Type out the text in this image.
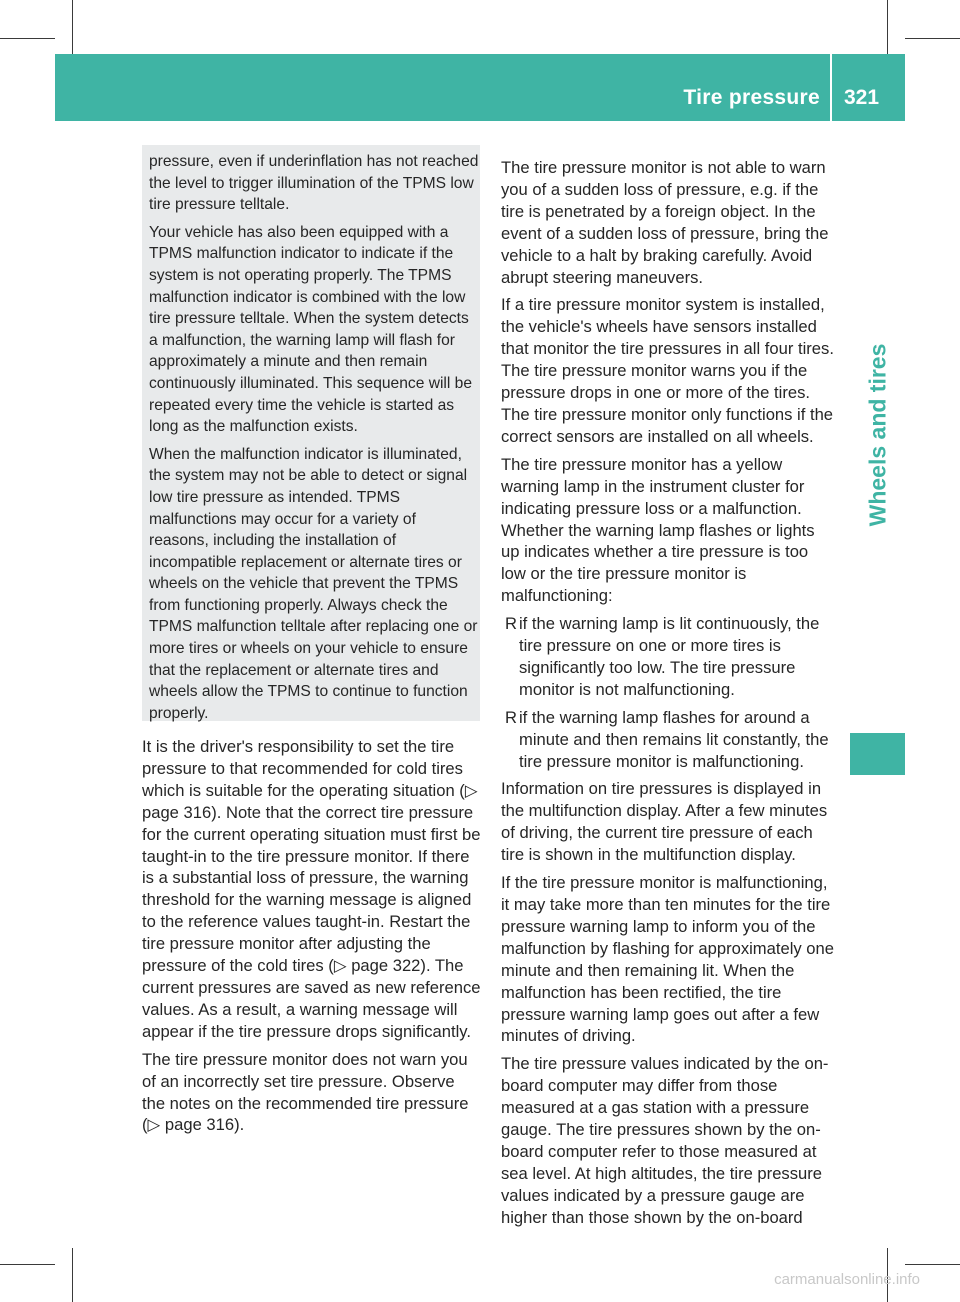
Tire pressure 321
Wheels and tires

pressure, even if underinflation has not reached the level to trigger illumination of the TPMS low tire pressure telltale.

Your vehicle has also been equipped with a TPMS malfunction indicator to indicate if the system is not operating properly. The TPMS malfunction indicator is combined with the low tire pressure telltale. When the system detects a malfunction, the warning lamp will flash for approximately a minute and then remain continuously illuminated. This sequence will be repeated every time the vehicle is started as long as the malfunction exists.

When the malfunction indicator is illuminated, the system may not be able to detect or signal low tire pressure as intended. TPMS malfunctions may occur for a variety of reasons, including the installation of incompatible replacement or alternate tires or wheels on the vehicle that prevent the TPMS from functioning properly. Always check the TPMS malfunction telltale after replacing one or more tires or wheels on your vehicle to ensure that the replacement or alternate tires and wheels allow the TPMS to continue to function properly.

It is the driver's responsibility to set the tire pressure to that recommended for cold tires which is suitable for the operating situation (▷ page 316). Note that the correct tire pressure for the current operating situation must first be taught-in to the tire pressure monitor. If there is a substantial loss of pressure, the warning threshold for the warning message is aligned to the reference values taught-in. Restart the tire pressure monitor after adjusting the pressure of the cold tires (▷ page 322). The current pressures are saved as new reference values. As a result, a warning message will appear if the tire pressure drops significantly.

The tire pressure monitor does not warn you of an incorrectly set tire pressure. Observe the notes on the recommended tire pressure (▷ page 316).

The tire pressure monitor is not able to warn you of a sudden loss of pressure, e.g. if the tire is penetrated by a foreign object. In the event of a sudden loss of pressure, bring the vehicle to a halt by braking carefully. Avoid abrupt steering maneuvers.

If a tire pressure monitor system is installed, the vehicle's wheels have sensors installed that monitor the tire pressures in all four tires. The tire pressure monitor warns you if the pressure drops in one or more of the tires. The tire pressure monitor only functions if the correct sensors are installed on all wheels.

The tire pressure monitor has a yellow warning lamp in the instrument cluster for indicating pressure loss or a malfunction. Whether the warning lamp flashes or lights up indicates whether a tire pressure is too low or the tire pressure monitor is malfunctioning:

R if the warning lamp is lit continuously, the tire pressure on one or more tires is significantly too low. The tire pressure monitor is not malfunctioning.
R if the warning lamp flashes for around a minute and then remains lit constantly, the tire pressure monitor is malfunctioning.

Information on tire pressures is displayed in the multifunction display. After a few minutes of driving, the current tire pressure of each tire is shown in the multifunction display.

If the tire pressure monitor is malfunctioning, it may take more than ten minutes for the tire pressure warning lamp to inform you of the malfunction by flashing for approximately one minute and then remaining lit. When the malfunction has been rectified, the tire pressure warning lamp goes out after a few minutes of driving.

The tire pressure values indicated by the on-board computer may differ from those measured at a gas station with a pressure gauge. The tire pressures shown by the on-board computer refer to those measured at sea level. At high altitudes, the tire pressure values indicated by a pressure gauge are higher than those shown by the on-board

carmanualsonline.info
